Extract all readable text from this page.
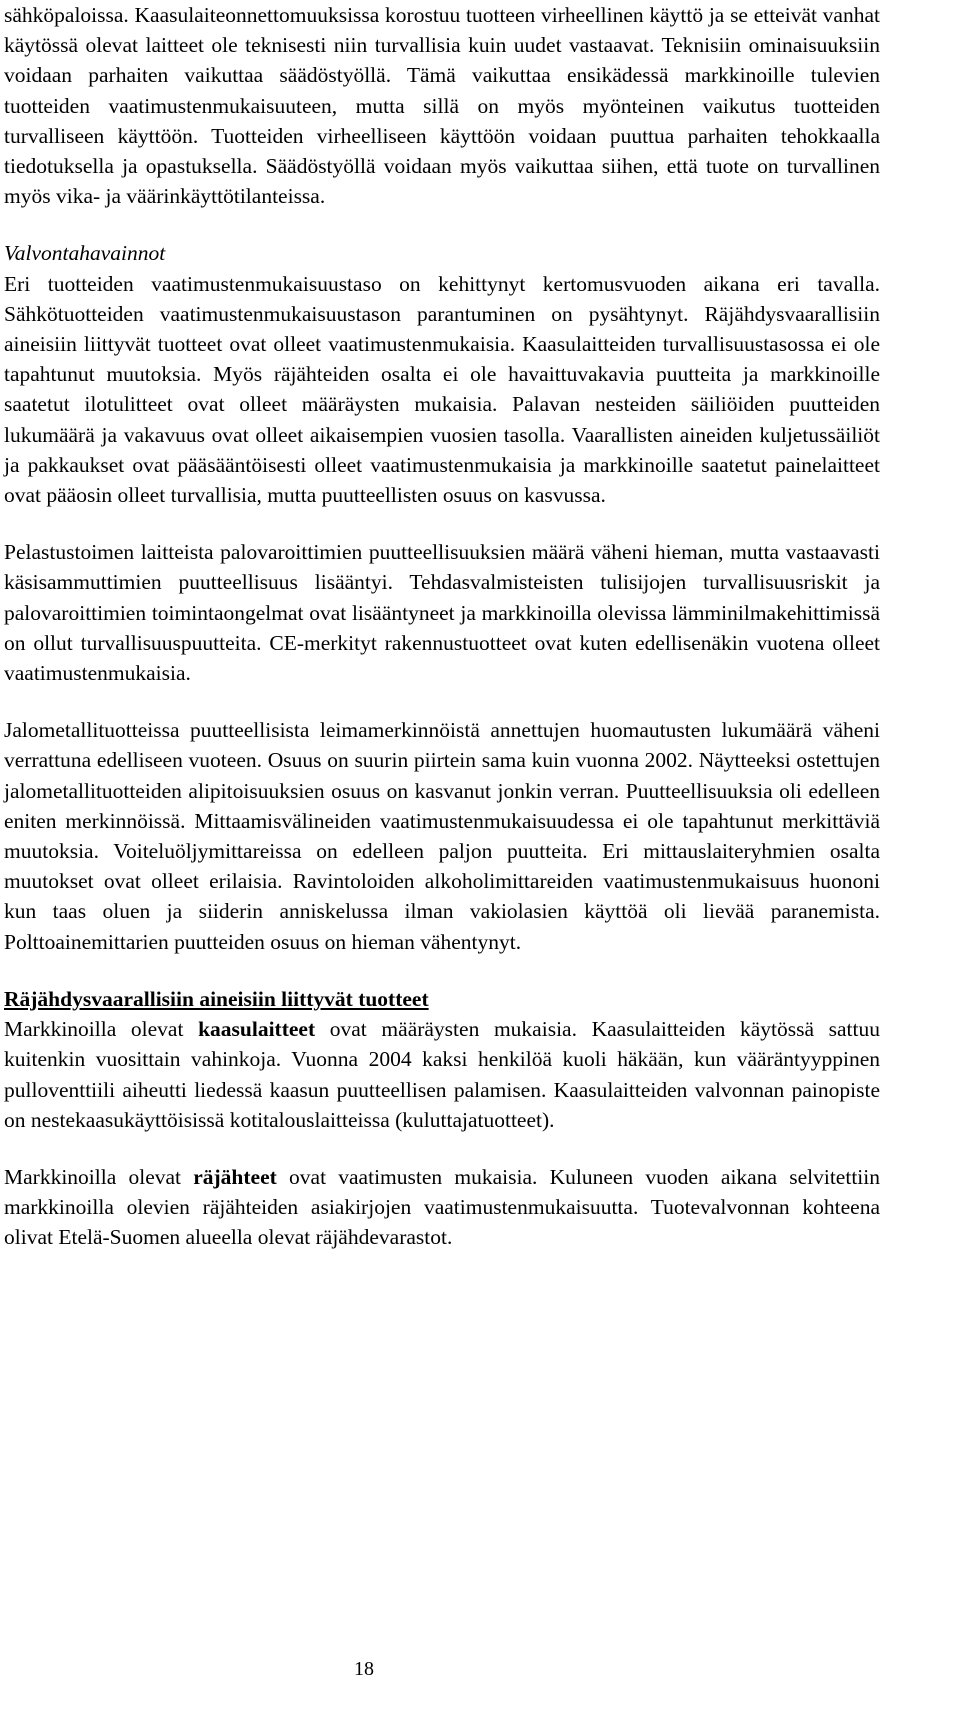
sähköpaloissa. Kaasulaiteonnettomuuksissa korostuu tuotteen virheellinen käyttö ja se etteivät vanhat käytössä olevat laitteet ole teknisesti niin turvallisia kuin uudet vastaavat. Teknisiin ominaisuuksiin voidaan parhaiten vaikuttaa säädöstyöllä. Tämä vaikuttaa ensikädessä markkinoille tulevien tuotteiden vaatimustenmukaisuuteen, mutta sillä on myös myönteinen vaikutus tuotteiden turvalliseen käyttöön. Tuotteiden virheelliseen käyttöön voidaan puuttua parhaiten tehokkaalla tiedotuksella ja opastuksella. Säädöstyöllä voidaan myös vaikuttaa siihen, että tuote on turvallinen myös vika- ja väärinkäyttötilanteissa.

Valvontahavainnot

Eri tuotteiden vaatimustenmukaisuustaso on kehittynyt kertomusvuoden aikana eri tavalla. Sähkötuotteiden vaatimustenmukaisuustason parantuminen on pysähtynyt. Räjähdysvaarallisiin aineisiin liittyvät tuotteet ovat olleet vaatimustenmukaisia. Kaasulaitteiden turvallisuustasossa ei ole tapahtunut muutoksia. Myös räjähteiden osalta ei ole havaittuvakavia puutteita ja markkinoille saatetut ilotulitteet ovat olleet määräysten mukaisia. Palavan nesteiden säiliöiden puutteiden lukumäärä ja vakavuus ovat olleet aikaisempien vuosien tasolla. Vaarallisten aineiden kuljetussäiliöt ja pakkaukset ovat pääsääntöisesti olleet vaatimustenmukaisia ja markkinoille saatetut painelaitteet ovat pääosin olleet turvallisia, mutta puutteellisten osuus on kasvussa.

Pelastustoimen laitteista palovaroittimien puutteellisuuksien määrä väheni hieman, mutta vastaavasti käsisammuttimien puutteellisuus lisääntyi. Tehdasvalmisteisten tulisijojen turvallisuusriskit ja palovaroittimien toimintaongelmat ovat lisääntyneet ja markkinoilla olevissa lämminilmakehittimissä on ollut turvallisuuspuutteita. CE-merkityt rakennustuotteet ovat kuten edellisenäkin vuotena olleet vaatimustenmukaisia.

Jalometallituotteissa puutteellisista leimamerkinnöistä annettujen huomautusten lukumäärä väheni verrattuna edelliseen vuoteen. Osuus on suurin piirtein sama kuin vuonna 2002. Näytteeksi ostettujen jalometallituotteiden alipitoisuuksien osuus on kasvanut jonkin verran. Puutteellisuuksia oli edelleen eniten merkinnöissä. Mittaamisvälineiden vaatimustenmukaisuudessa ei ole tapahtunut merkittäviä muutoksia. Voiteluöljymittareissa on edelleen paljon puutteita. Eri mittauslaiteryhmien osalta muutokset ovat olleet erilaisia. Ravintoloiden alkoholimittareiden vaatimustenmukaisuus huononi kun taas oluen ja siiderin anniskelussa ilman vakiolasien käyttöä oli lievää paranemista. Polttoainemittarien puutteiden osuus on hieman vähentynyt.

Räjähdysvaarallisiin aineisiin liittyvät tuotteet

Markkinoilla olevat kaasulaitteet ovat määräysten mukaisia. Kaasulaitteiden käytössä sattuu kuitenkin vuosittain vahinkoja. Vuonna 2004 kaksi henkilöä kuoli häkään, kun vääräntyyppinen pulloventtiili aiheutti liedessä kaasun puutteellisen palamisen. Kaasulaitteiden valvonnan painopiste on nestekaasukäyttöisissä kotitalouslaitteissa (kuluttajatuotteet).

Markkinoilla olevat räjähteet ovat vaatimusten mukaisia. Kuluneen vuoden aikana selvitettiin markkinoilla olevien räjähteiden asiakirjojen vaatimustenmukaisuutta. Tuotevalvonnan kohteena olivat Etelä-Suomen alueella olevat räjähdevarastot.

18
